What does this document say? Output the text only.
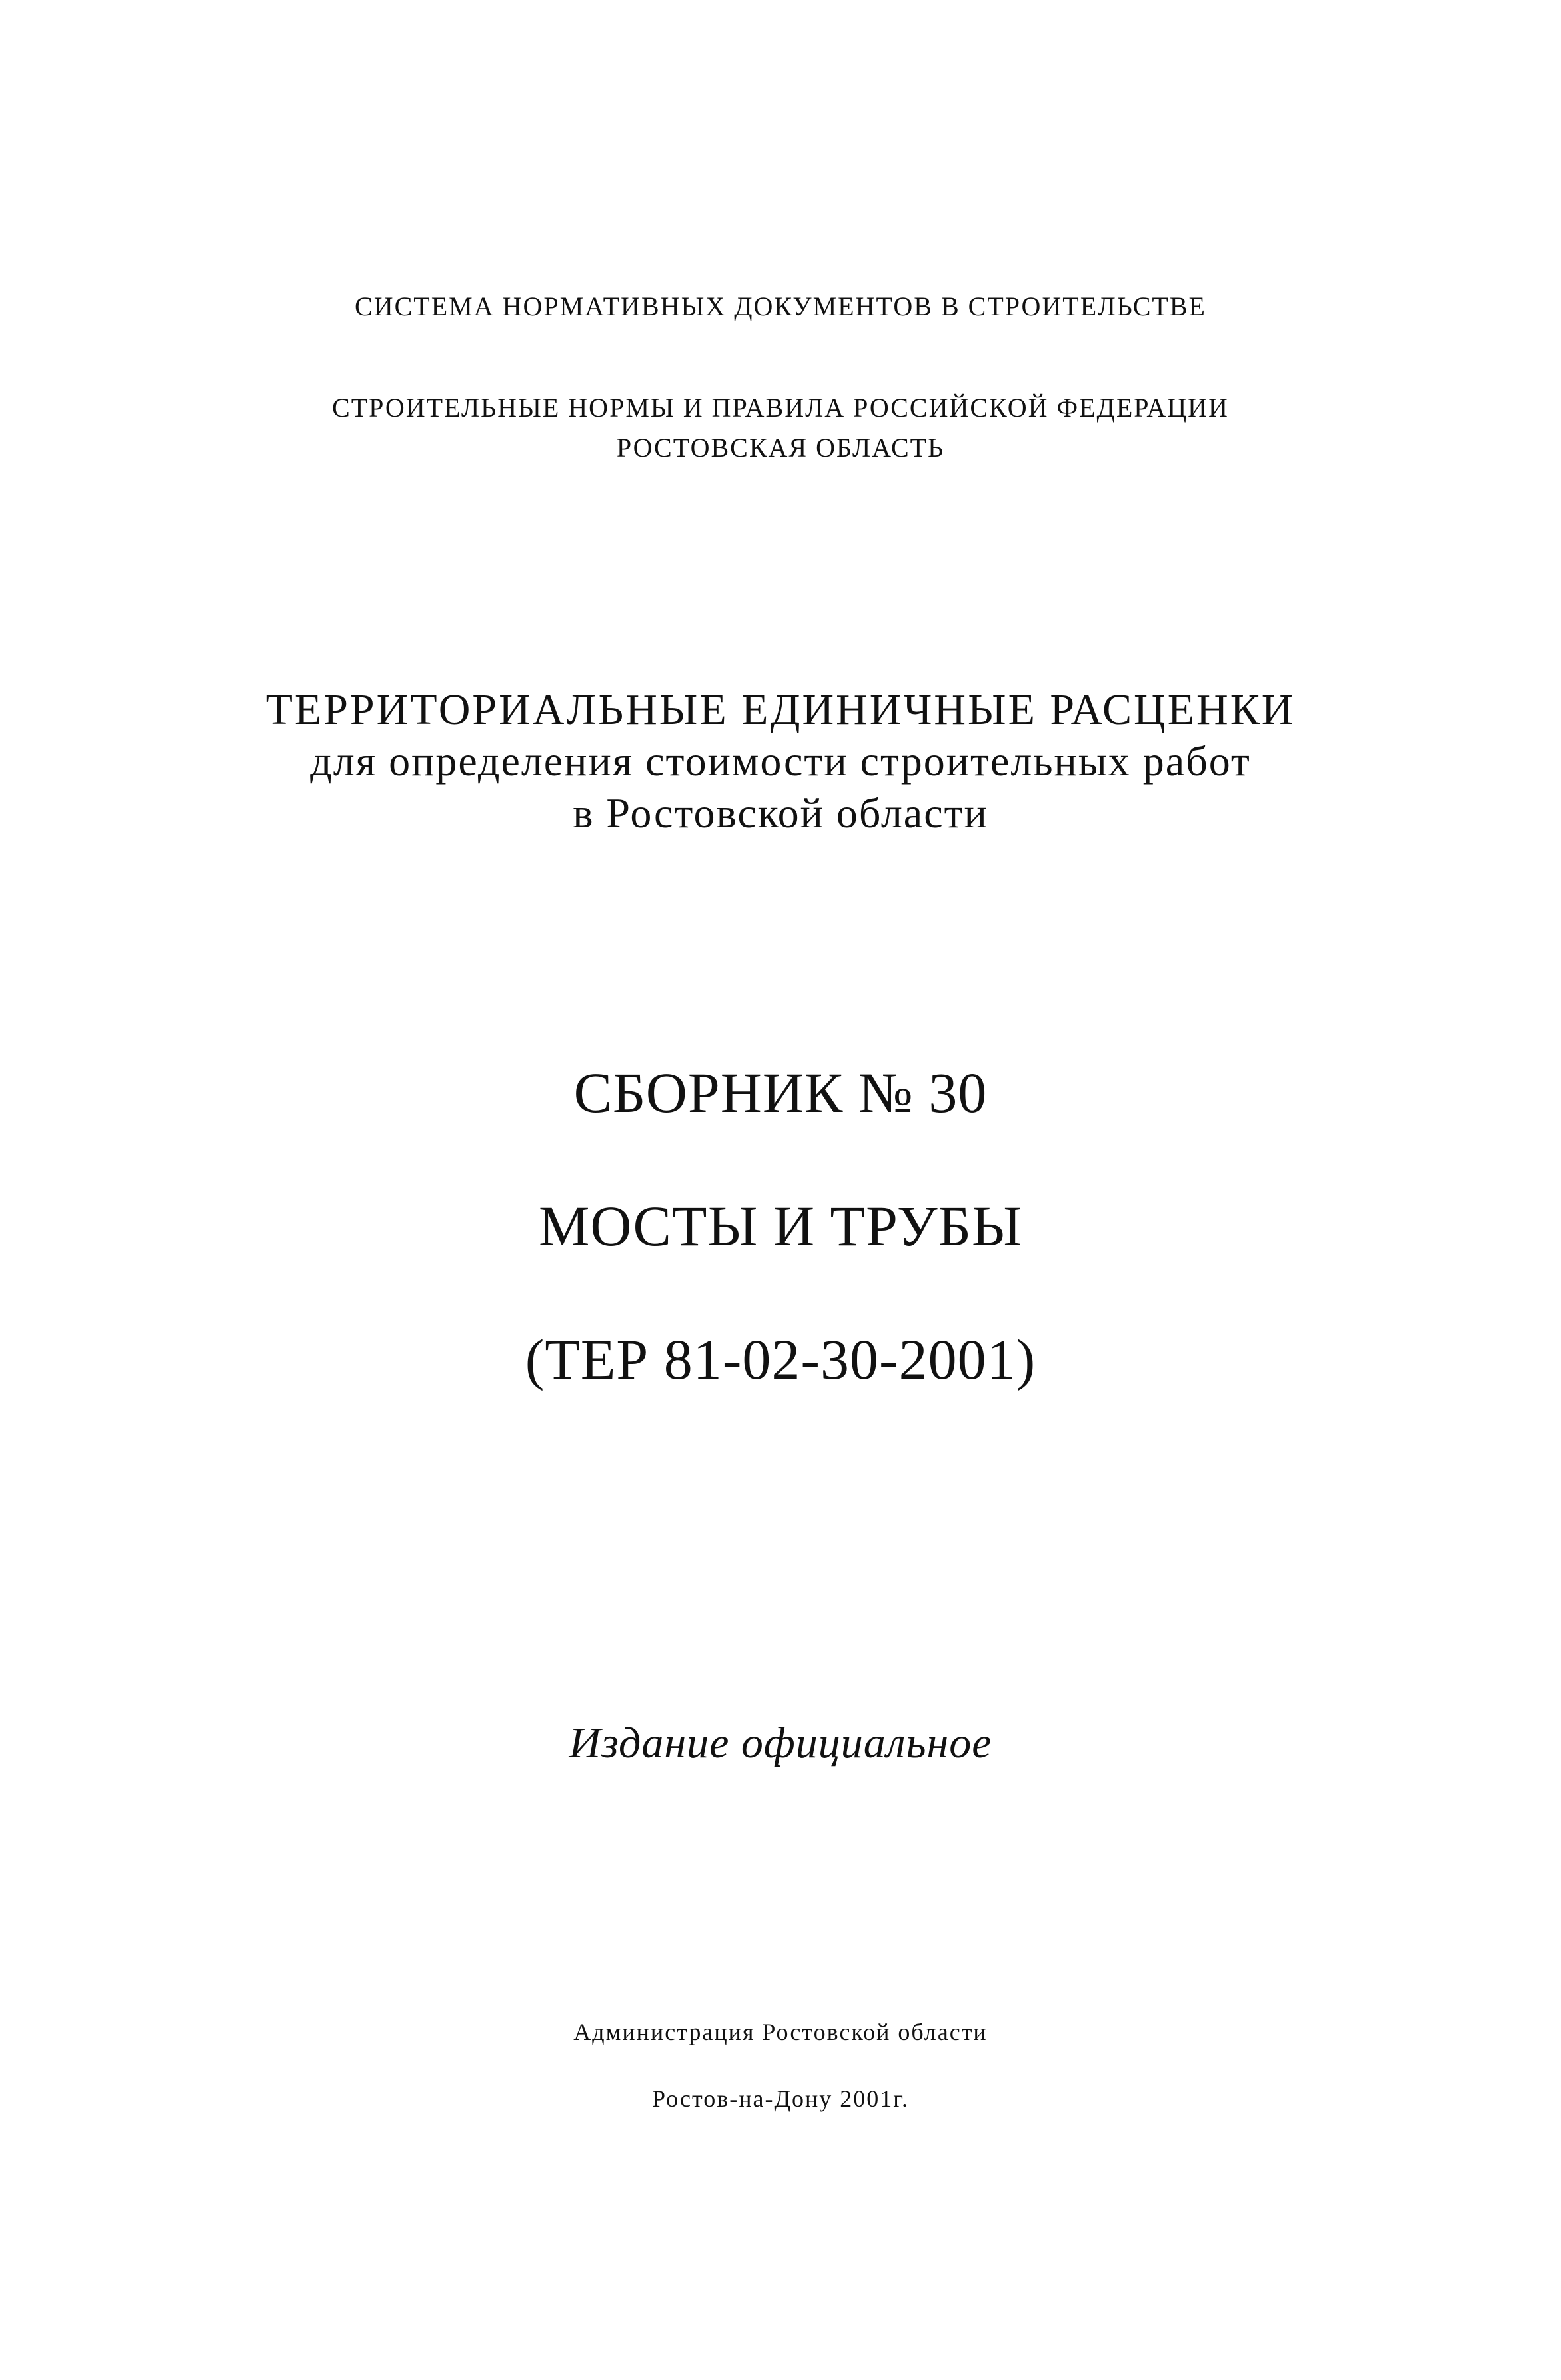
СИСТЕМА НОРМАТИВНЫХ ДОКУМЕНТОВ В СТРОИТЕЛЬСТВЕ
СТРОИТЕЛЬНЫЕ НОРМЫ И ПРАВИЛА РОССИЙСКОЙ ФЕДЕРАЦИИ
РОСТОВСКАЯ ОБЛАСТЬ
ТЕРРИТОРИАЛЬНЫЕ ЕДИНИЧНЫЕ РАСЦЕНКИ
для определения стоимости строительных работ
в Ростовской области
СБОРНИК № 30
МОСТЫ И ТРУБЫ
(ТЕР 81-02-30-2001)
Издание официальное
Администрация Ростовской области
Ростов-на-Дону 2001г.
